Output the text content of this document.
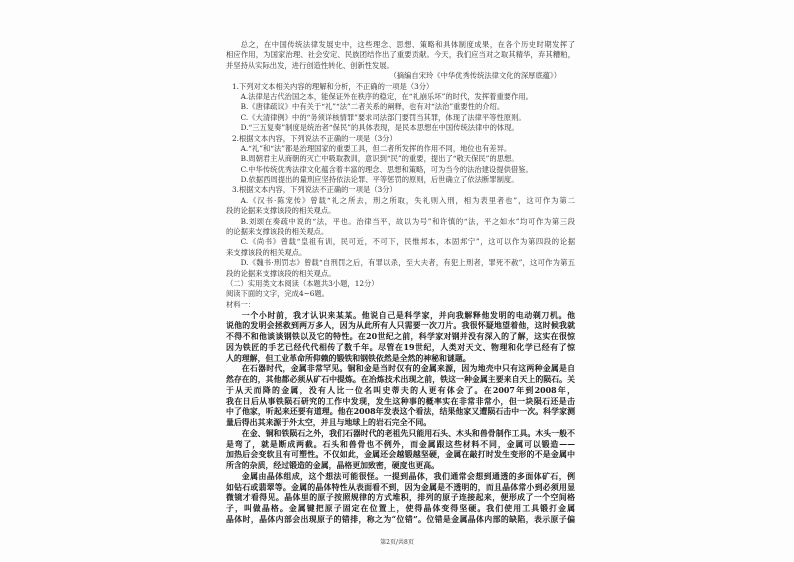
总之，在中国传统法律发展史中，这些理念、思想、策略和具体制度成果，在各个历史时期发挥了
相应作用，为国家治理、社会安定、民族团结作出了重要贡献。今天，我们应当对之取其精华，弃其糟粕，
并坚持从实际出发，进行创造性转化、创新性发展。
（摘编自宋玲《中华优秀传统法律文化的深厚底蕴》）
1.下列对文本相关内容的理解和分析，不正确的一项是（3分）
A.法律是古代治国之本，能保证外在秩序的稳定，在“礼崩乐坏”的时代，发挥着重要作用。
B.《唐律疏议》中有关于“礼”“法”二者关系的阐释，也有对“法治”重要性的介绍。
C.《大清律例》中的“务须详核情罪”要求司法部门要罚当其罪，体现了法律平等性原则。
D.“三五复奏”制度是统治者“保民”的具体表现，是民本思想在中国传统法律中的体现。
2.根据文本内容，下列说法不正确的一项是（3分）
A.“礼”和“法”都是治理国家的重要工具，但二者所发挥的作用不同，地位也有差异。
B.周朝君主从商朝的灭亡中吸取教训，意识到“民”的重要，提出了“敬天保民”的思想。
C.中华传统优秀法律文化蕴含着丰富的理念、思想和策略，可为当今的法治建设提供借鉴。
D.依据西周提出的量刑应坚持依法论罪、平等惩罚的原则，后世确立了依法断罪制度。
3.根据文本内容，下列说法不正确的一项是（3分）
A.《汉书·陈宠传》曾载“礼之所去，刑之所取，失礼则入刑，相为表里者也”，这可作为第二
段的论据来支撑该段的相关观点。
B.刘颂在奏疏中说的“法，平也。治律当平，故以为号”和许慎的“法，平之如水”均可作为第三段
的论据来支撑该段的相关观点。
C.《尚书》曾载“皇祖有训，民可近，不可下，民惟邦本，本固邦宁”，这可以作为第四段的论据
来支撑该段的相关观点。
D.《魏书·刑罚志》曾载“自刑罚之后，有罪以杀，至大夫者，有犯上刑者，罪死不赦”，这可作为第五
段的论据来支撑该段的相关观点。
（二）实用类文本阅读（本题共3小题，12分）
阅读下面的文字，完成4~6题。
材料一：
一个小时前，我才认识来某某。他说自己是科学家，并向我解释他发明的电动剃刀机。他
说他的发明会拯救到两万多人，因为从此所有人只需要一次刀片。我很怀疑地望着他，这时候我就
不得不和他谈谈钢铁以及它的特性。在20世纪之前，科学家对钢并没有深入的了解，这实在很惊
因为铁匠的手艺已经代代相传了数千年。尽管在19世纪，人类对天文、物理和化学已经有了惊
人的理解，但工业革命所仰赖的锻铁和钢铁依然是全然的神秘和谜题。
在石器时代，金属非常罕见。铜和金是当时仅有的金属来源，因为地壳中只有这两种金属是自
然存在的，其他都必须从矿石中提炼。在冶炼技术出现之前，铁这一种金属主要来自天上的陨石。关
于从天而降的金属，没有人比一位名叫史蒂夫的人更有体会了。在2007年到2008年，
我在日后从事铁陨石研究的工作中发现，发生这种事的概率实在非常非常小，但一块陨石还是击
中了他家，听起来还要有道理。他在2008年发表这个看法，结果他家又遭陨石击中一次。科学家测
量后得出其来源于外太空，并且与地球上的岩石完全不同。
在金、铜和铁陨石之外，我们石器时代的老祖先只能用石头、木头和兽骨制作工具。木头一般不
是弯了，就是断成两截。石头和兽骨也不例外，而金属跟这些材料不同，金属可以锻造——
加热后会变软且有可塑性。不仅如此，金属还会越锻越坚硬，金属在敲打时发生变形的不是金属中
所含的杂质，经过锻造的金属，晶格更加致密，硬度也更高。
金属由晶体组成，这个想法可能很怪。一提到晶体，我们通常会想到通透的多面体矿石，例
如钻石或翡翠等。金属的晶体特性从表面看不到，因为金属是不透明的，而且晶体常小到必须用显
微镜才看得见。晶体里的原子按照规律的方式堆积，排列的原子连接起来，便形成了一个空间格
子，叫做晶格。金属键把原子固定在位置上，使得晶体变得坚硬。我们使用工具锻打金属
晶体时，晶体内部会出现原子的错排，称之为“位错”。位错是金属晶体内部的缺陷，表示原子偏
第2页/共8页
